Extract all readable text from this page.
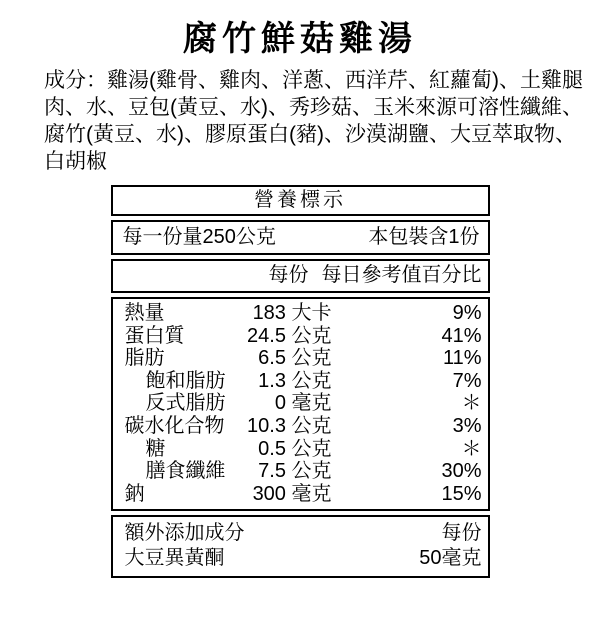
腐竹鮮菇雞湯
成分：雞湯(雞骨、雞肉、洋蔥、西洋芹、紅蘿蔔)、土雞腿
肉、水、豆包(黃豆、水)、秀珍菇、玉米來源可溶性纖維、
腐竹(黃豆、水)、膠原蛋白(豬)、沙漠湖鹽、大豆萃取物、
白胡椒
營養標示
每一份量250公克	本包裝含1份
每份 每日參考值百分比
熱量	183 大卡	9%
蛋白質	24.5 公克	41%
脂肪	6.5 公克	11%
飽和脂肪	1.3 公克	7%
反式脂肪	0 毫克	＊
碳水化合物	10.3 公克	3%
糖	0.5 公克	＊
膳食纖維	7.5 公克	30%
鈉	300 毫克	15%
額外添加成分	每份
大豆異黃酮	50毫克
